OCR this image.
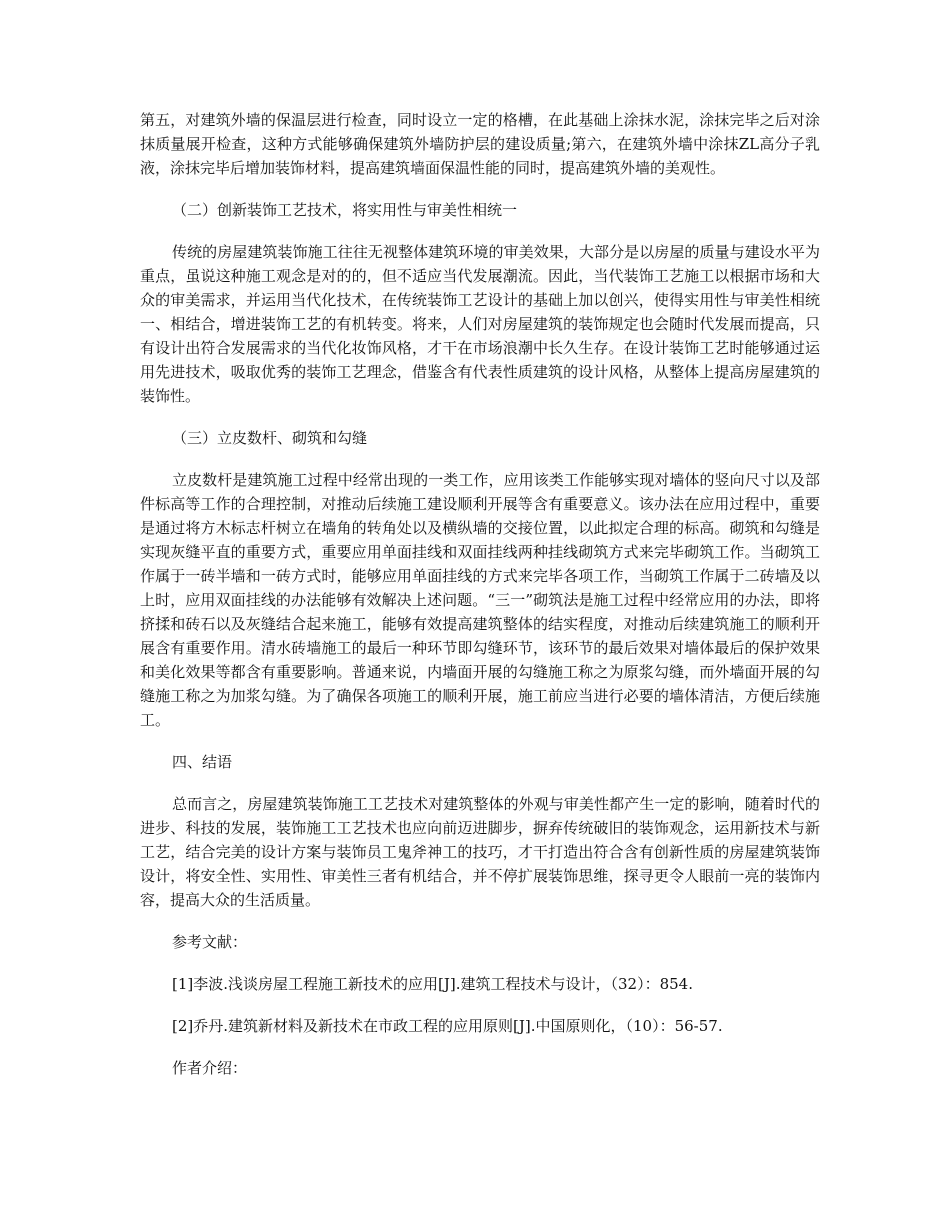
第五，对建筑外墙的保温层进行检查，同时设立一定的格槽，在此基础上涂抹水泥，涂抹完毕之后对涂抹质量展开检查，这种方式能够确保建筑外墙防护层的建设质量;第六，在建筑外墙中涂抹ZL高分子乳液，涂抹完毕后增加装饰材料，提高建筑墙面保温性能的同时，提高建筑外墙的美观性。

（二）创新装饰工艺技术，将实用性与审美性相统一

传统的房屋建筑装饰施工往往无视整体建筑环境的审美效果，大部分是以房屋的质量与建设水平为重点，虽说这种施工观念是对的的，但不适应当代发展潮流。因此，当代装饰工艺施工以根据市场和大众的审美需求，并运用当代化技术，在传统装饰工艺设计的基础上加以创兴，使得实用性与审美性相统一、相结合，增进装饰工艺的有机转变。将来，人们对房屋建筑的装饰规定也会随时代发展而提高，只有设计出符合发展需求的当代化妆饰风格，才干在市场浪潮中长久生存。在设计装饰工艺时能够通过运用先进技术，吸取优秀的装饰工艺理念，借鉴含有代表性质建筑的设计风格，从整体上提高房屋建筑的装饰性。

（三）立皮数杆、砌筑和勾缝

立皮数杆是建筑施工过程中经常出现的一类工作，应用该类工作能够实现对墙体的竖向尺寸以及部件标高等工作的合理控制，对推动后续施工建设顺利开展等含有重要意义。该办法在应用过程中，重要是通过将方木标志杆树立在墙角的转角处以及横纵墙的交接位置，以此拟定合理的标高。砌筑和勾缝是实现灰缝平直的重要方式，重要应用单面挂线和双面挂线两种挂线砌筑方式来完毕砌筑工作。当砌筑工作属于一砖半墙和一砖方式时，能够应用单面挂线的方式来完毕各项工作，当砌筑工作属于二砖墙及以上时，应用双面挂线的办法能够有效解决上述问题。“三一”砌筑法是施工过程中经常应用的办法，即将挤揉和砖石以及灰缝结合起来施工，能够有效提高建筑整体的结实程度，对推动后续建筑施工的顺利开展含有重要作用。清水砖墙施工的最后一种环节即勾缝环节，该环节的最后效果对墙体最后的保护效果和美化效果等都含有重要影响。普通来说，内墙面开展的勾缝施工称之为原浆勾缝，而外墙面开展的勾缝施工称之为加浆勾缝。为了确保各项施工的顺利开展，施工前应当进行必要的墙体清洁，方便后续施工。

四、结语

总而言之，房屋建筑装饰施工工艺技术对建筑整体的外观与审美性都产生一定的影响，随着时代的进步、科技的发展，装饰施工工艺技术也应向前迈进脚步，摒弃传统破旧的装饰观念，运用新技术与新工艺，结合完美的设计方案与装饰员工鬼斧神工的技巧，才干打造出符合含有创新性质的房屋建筑装饰设计，将安全性、实用性、审美性三者有机结合，并不停扩展装饰思维，探寻更令人眼前一亮的装饰内容，提高大众的生活质量。

参考文献：

[1]李波.浅谈房屋工程施工新技术的应用[J].建筑工程技术与设计，（32）：854.

[2]乔丹.建筑新材料及新技术在市政工程的应用原则[J].中国原则化，（10）：56-57.

作者介绍：
